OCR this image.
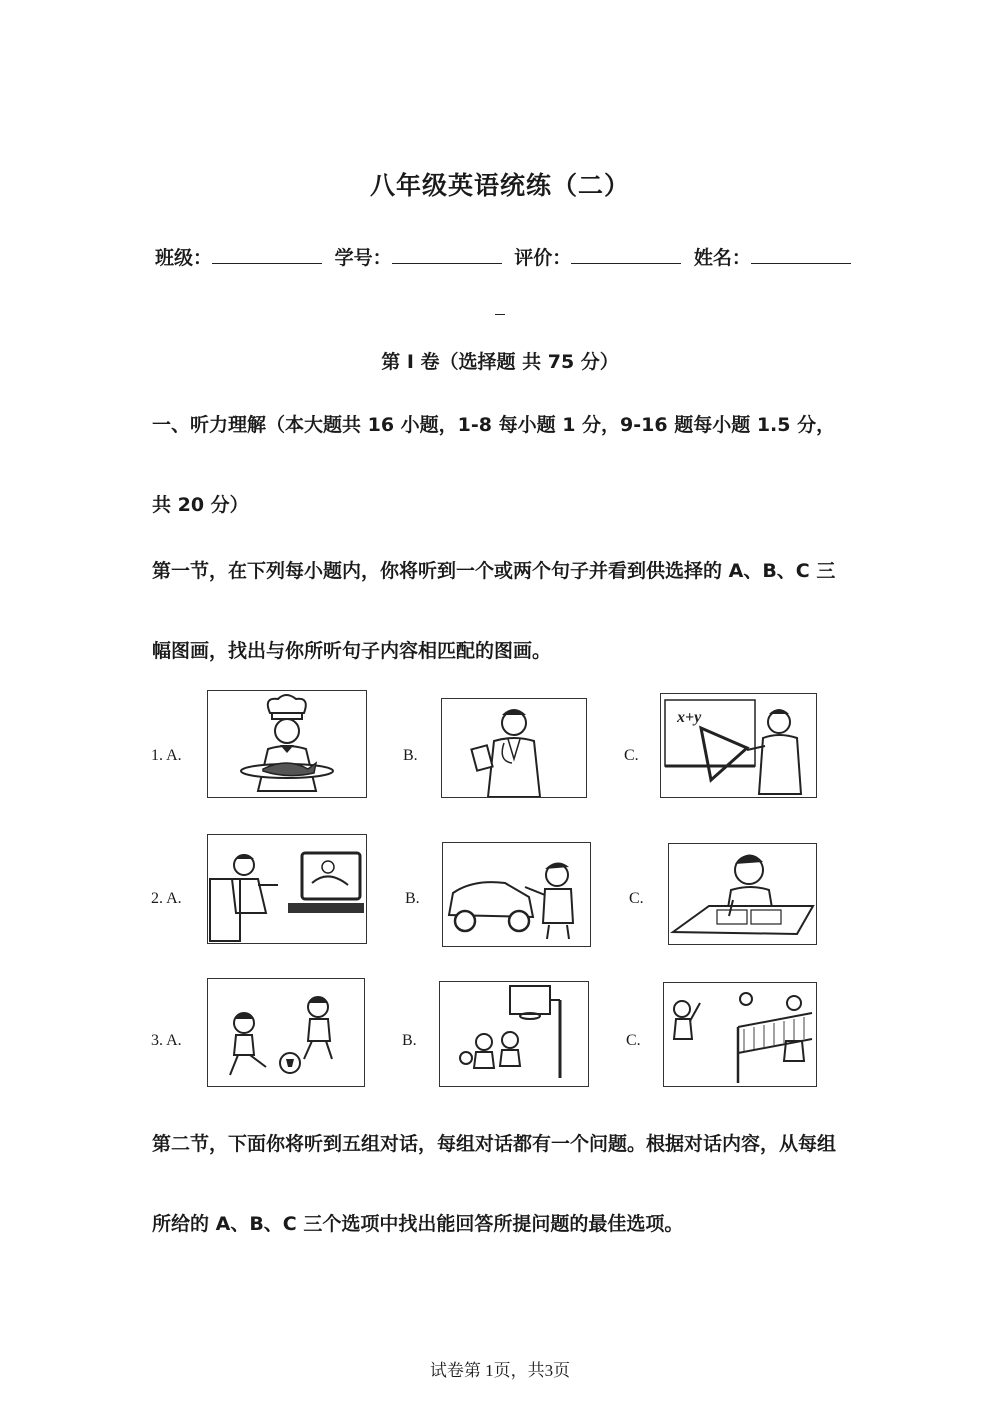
八年级英语统练（二）
班级：	学号：	评价：	姓名：
第 I 卷（选择题 共 75 分）
一、听力理解（本大题共 16 小题，1-8 每小题 1 分，9-16 题每小题 1.5 分，共 20 分）
第一节，在下列每小题内，你将听到一个或两个句子并看到供选择的 A、B、C 三幅图画，找出与你所听句子内容相匹配的图画。
1. A.	B.	C.
x+y
2. A.	B.	C.
3. A.	B.	C.
第二节，下面你将听到五组对话，每组对话都有一个问题。根据对话内容，从每组所给的 A、B、C 三个选项中找出能回答所提问题的最佳选项。
试卷第 1页，共3页
